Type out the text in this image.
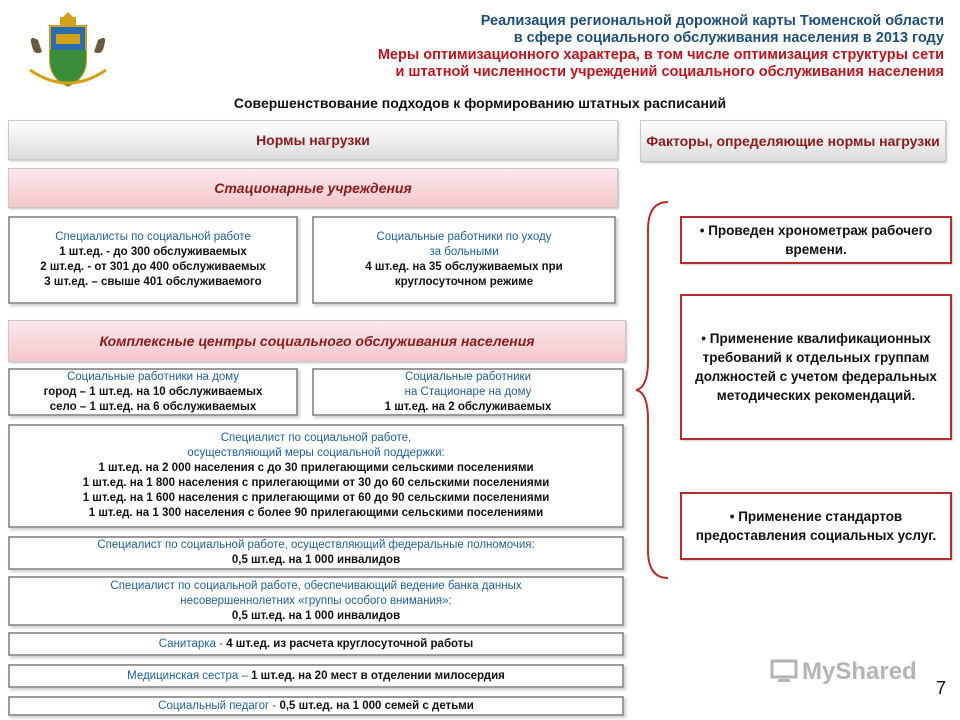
Реализация региональной дорожной карты Тюменской области
в сфере социального обслуживания населения в 2013 году
Меры оптимизационного характера, в том числе оптимизация структуры сети
и штатной численности учреждений социального обслуживания населения
Совершенствование подходов к формированию штатных расписаний
Нормы нагрузки
Стационарные учреждения
Специалисты по социальной работе
1 шт.ед. - до 300 обслуживаемых
2 шт.ед. - от 301 до 400 обслуживаемых
3 шт.ед. – свыше 401 обслуживаемого
Социальные работники по уходу
за больными
4 шт.ед. на 35 обслуживаемых при
круглосуточном режиме
Комплексные центры социального обслуживания населения
Социальные работники на дому
город – 1 шт.ед. на 10 обслуживаемых
село – 1 шт.ед. на 6 обслуживаемых
Социальные работники
на Стационаре на дому
1 шт.ед. на 2 обслуживаемых
Специалист по социальной работе,
осуществляющий меры социальной поддержки:
1 шт.ед. на 2 000 населения с до 30 прилегающими сельскими поселениями
1 шт.ед. на 1 800 населения с прилегающими от 30 до 60 сельскими поселениями
1 шт.ед. на 1 600 населения с прилегающими от 60 до 90 сельскими поселениями
1 шт.ед. на 1 300 населения с более 90 прилегающими сельскими поселениями
Специалист по социальной работе, осуществляющий федеральные полномочия:
0,5 шт.ед. на 1 000 инвалидов
Специалист по социальной работе, обеспечивающий ведение банка данных
несовершеннолетних «группы особого внимания»:
0,5 шт.ед. на 1 000 инвалидов
Санитарка - 4 шт.ед. из расчета круглосуточной работы
Медицинская сестра – 1 шт.ед. на 20 мест в отделении милосердия
Социальный педагог - 0,5 шт.ед. на 1 000 семей с детьми
Факторы, определяющие нормы нагрузки
• Проведен хронометраж рабочего времени.
• Применение квалификационных требований к отдельных группам должностей с учетом федеральных методических рекомендаций.
• Применение стандартов предоставления социальных услуг.
MyShared
7
